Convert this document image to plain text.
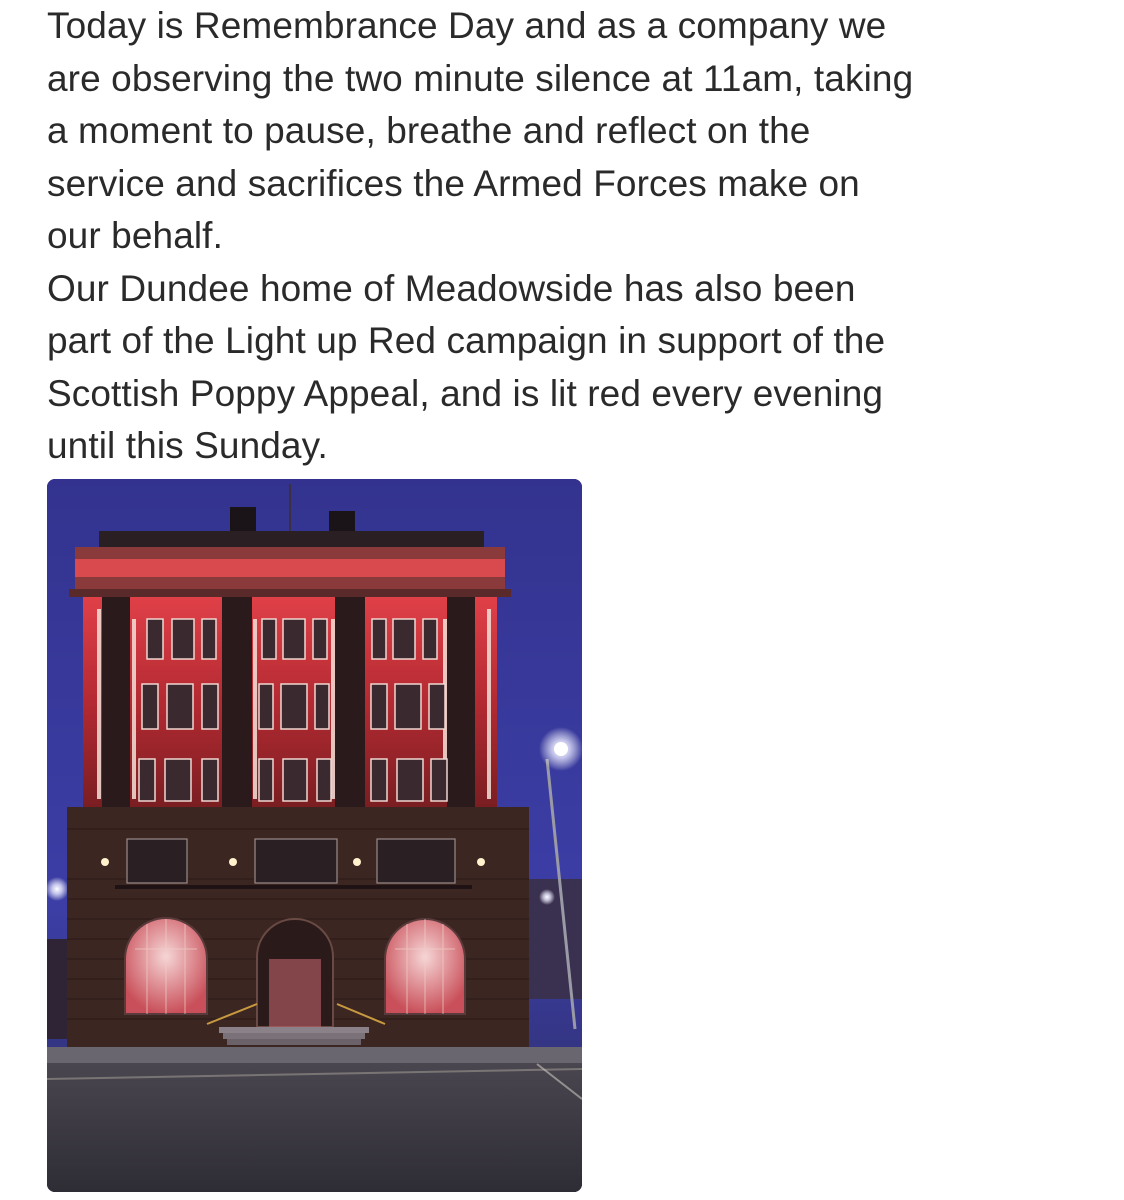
Today is Remembrance Day and as a company we
are observing the two minute silence at 11am, taking
a moment to pause, breathe and reflect on the
service and sacrifices the Armed Forces make on
our behalf.

Our Dundee home of Meadowside has also been
part of the Light up Red campaign in support of the
Scottish Poppy Appeal, and is lit red every evening
until this Sunday.
